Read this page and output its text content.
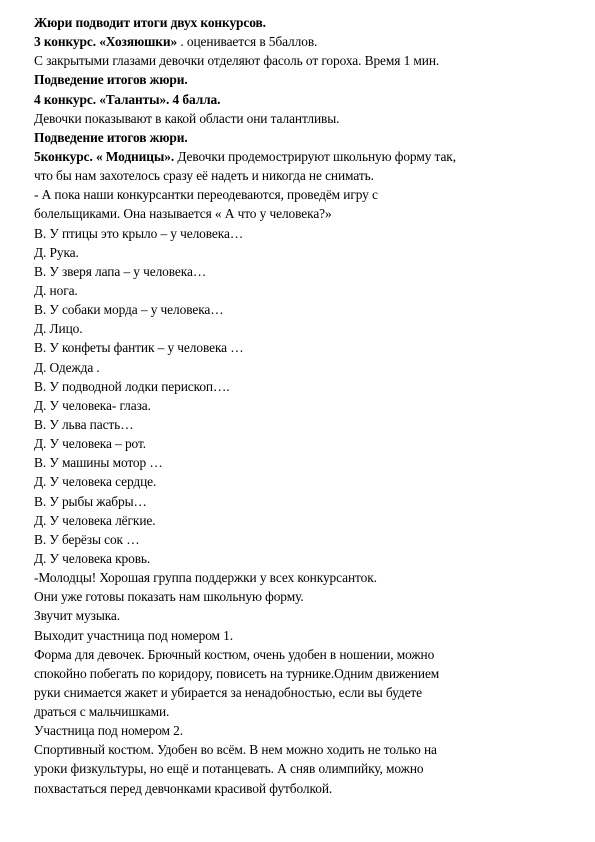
Жюри подводит итоги двух конкурсов.
3 конкурс. «Хозяюшки» . оценивается в 5баллов.
С закрытыми глазами девочки отделяют фасоль от гороха. Время 1 мин.
Подведение итогов жюри.
4 конкурс. «Таланты». 4 балла.
Девочки показывают в какой области они талантливы.
Подведение итогов жюри.
5конкурс. « Модницы». Девочки продемострируют школьную форму так,
что бы нам захотелось сразу её надеть и никогда не снимать.
- А пока наши конкурсантки переодеваются, проведём игру с
болельщиками. Она называется « А что у человека?»
В. У птицы это крыло – у человека…
Д. Рука.
В. У зверя лапа – у человека…
Д. нога.
В. У собаки морда – у человека…
Д. Лицо.
В. У конфеты фантик – у человека …
Д. Одежда .
В. У подводной лодки перископ….
Д. У человека- глаза.
В. У льва пасть…
Д. У человека – рот.
В. У машины мотор …
Д. У человека сердце.
В. У рыбы жабры…
Д. У человека лёгкие.
В. У берёзы сок …
Д. У человека кровь.
-Молодцы! Хорошая группа поддержки у всех конкурсанток.
Они уже готовы показать нам школьную форму.
Звучит музыка.
Выходит участница под номером 1.
Форма для девочек. Брючный костюм, очень удобен в ношении, можно
спокойно побегать по коридору, повисеть на турнике.Одним движением
руки снимается жакет и убирается за ненадобностью, если вы будете
драться с мальчишками.
Участница под номером 2.
Спортивный костюм. Удобен во всём. В нем можно ходить не только на
уроки физкультуры, но ещё и потанцевать. А сняв олимпийку, можно
похвастаться перед девчонками красивой футболкой.
